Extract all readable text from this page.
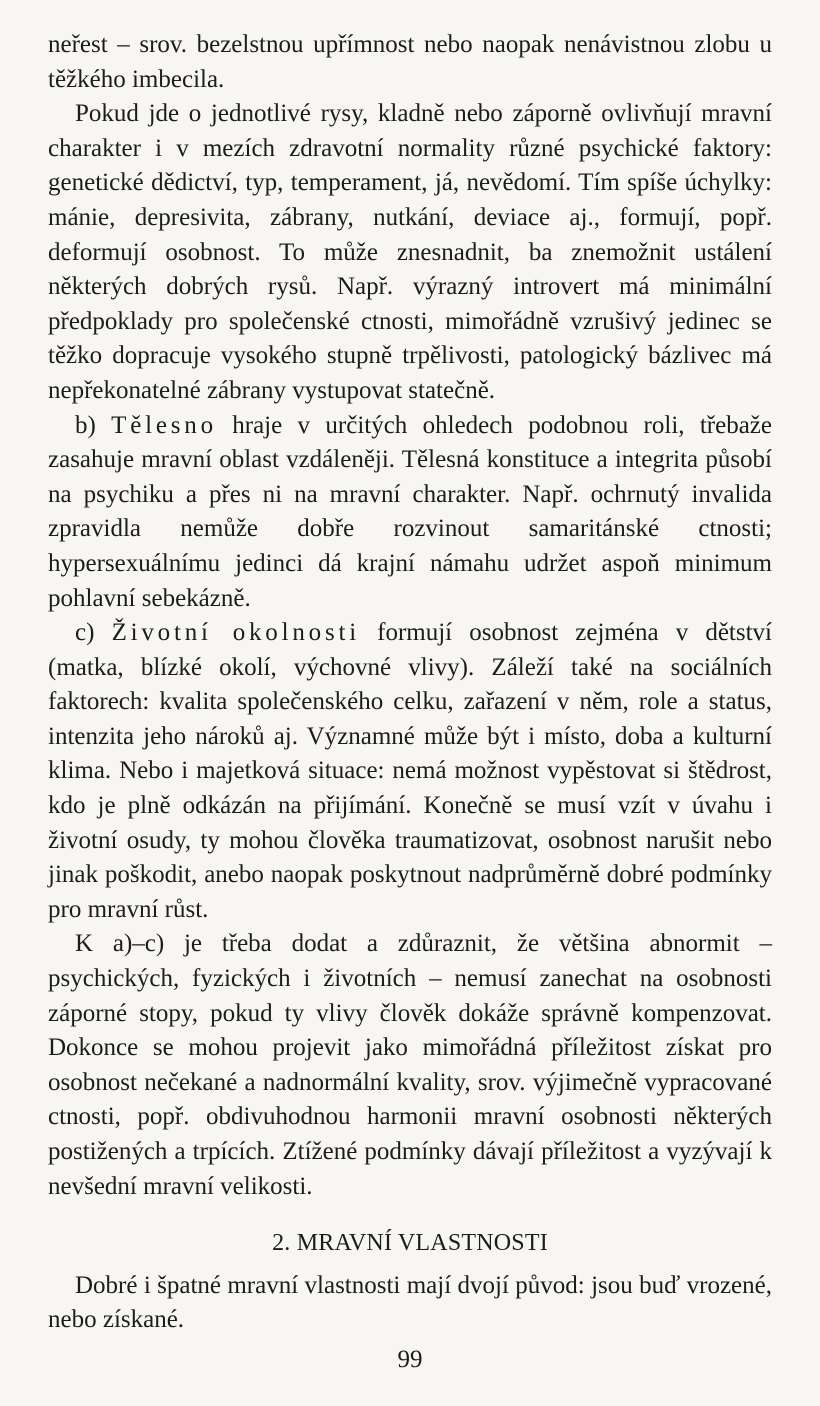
neřest – srov. bezelstnou upřímnost nebo naopak nenávistnou zlobu u těžkého imbecila.

Pokud jde o jednotlivé rysy, kladně nebo záporně ovlivňují mravní charakter i v mezích zdravotní normality různé psychické faktory: genetické dědictví, typ, temperament, já, nevědomí. Tím spíše úchylky: mánie, depresivita, zábrany, nutkání, deviace aj., formují, popř. deformují osobnost. To může znesnadnit, ba znemožnit ustálení některých dobrých rysů. Např. výrazný introvert má minimální předpoklady pro společenské ctnosti, mimořádně vzrušivý jedinec se těžko dopracuje vysokého stupně trpělivosti, patologický bázlivec má nepřekonatelné zábrany vystupovat statečně.

b) Tělesno hraje v určitých ohledech podobnou roli, třebaže zasahuje mravní oblast vzdáleněji. Tělesná konstituce a integrita působí na psychiku a přes ni na mravní charakter. Např. ochrnutý invalida zpravidla nemůže dobře rozvinout samaritánské ctnosti; hypersexuálnímu jedinci dá krajní námahu udržet aspoň minimum pohlavní sebekázně.

c) Životní okolnosti formují osobnost zejména v dětství (matka, blízké okolí, výchovné vlivy). Záleží také na sociálních faktorech: kvalita společenského celku, zařazení v něm, role a status, intenzita jeho nároků aj. Významné může být i místo, doba a kulturní klima. Nebo i majetková situace: nemá možnost vypěstovat si štědrost, kdo je plně odkázán na přijímání. Konečně se musí vzít v úvahu i životní osudy, ty mohou člověka traumatizovat, osobnost narušit nebo jinak poškodit, anebo naopak poskytnout nadprůměrně dobré podmínky pro mravní růst.

K a)–c) je třeba dodat a zdůraznit, že většina abnormit – psychických, fyzických i životních – nemusí zanechat na osobnosti záporné stopy, pokud ty vlivy člověk dokáže správně kompenzovat. Dokonce se mohou projevit jako mimořádná příležitost získat pro osobnost nečekané a nadnormální kvality, srov. výjimečně vypracované ctnosti, popř. obdivuhodnou harmonii mravní osobnosti některých postižených a trpících. Ztížené podmínky dávají příležitost a vyzývají k nevšední mravní velikosti.

2. MRAVNÍ VLASTNOSTI

Dobré i špatné mravní vlastnosti mají dvojí původ: jsou buď vrozené, nebo získané.

99
